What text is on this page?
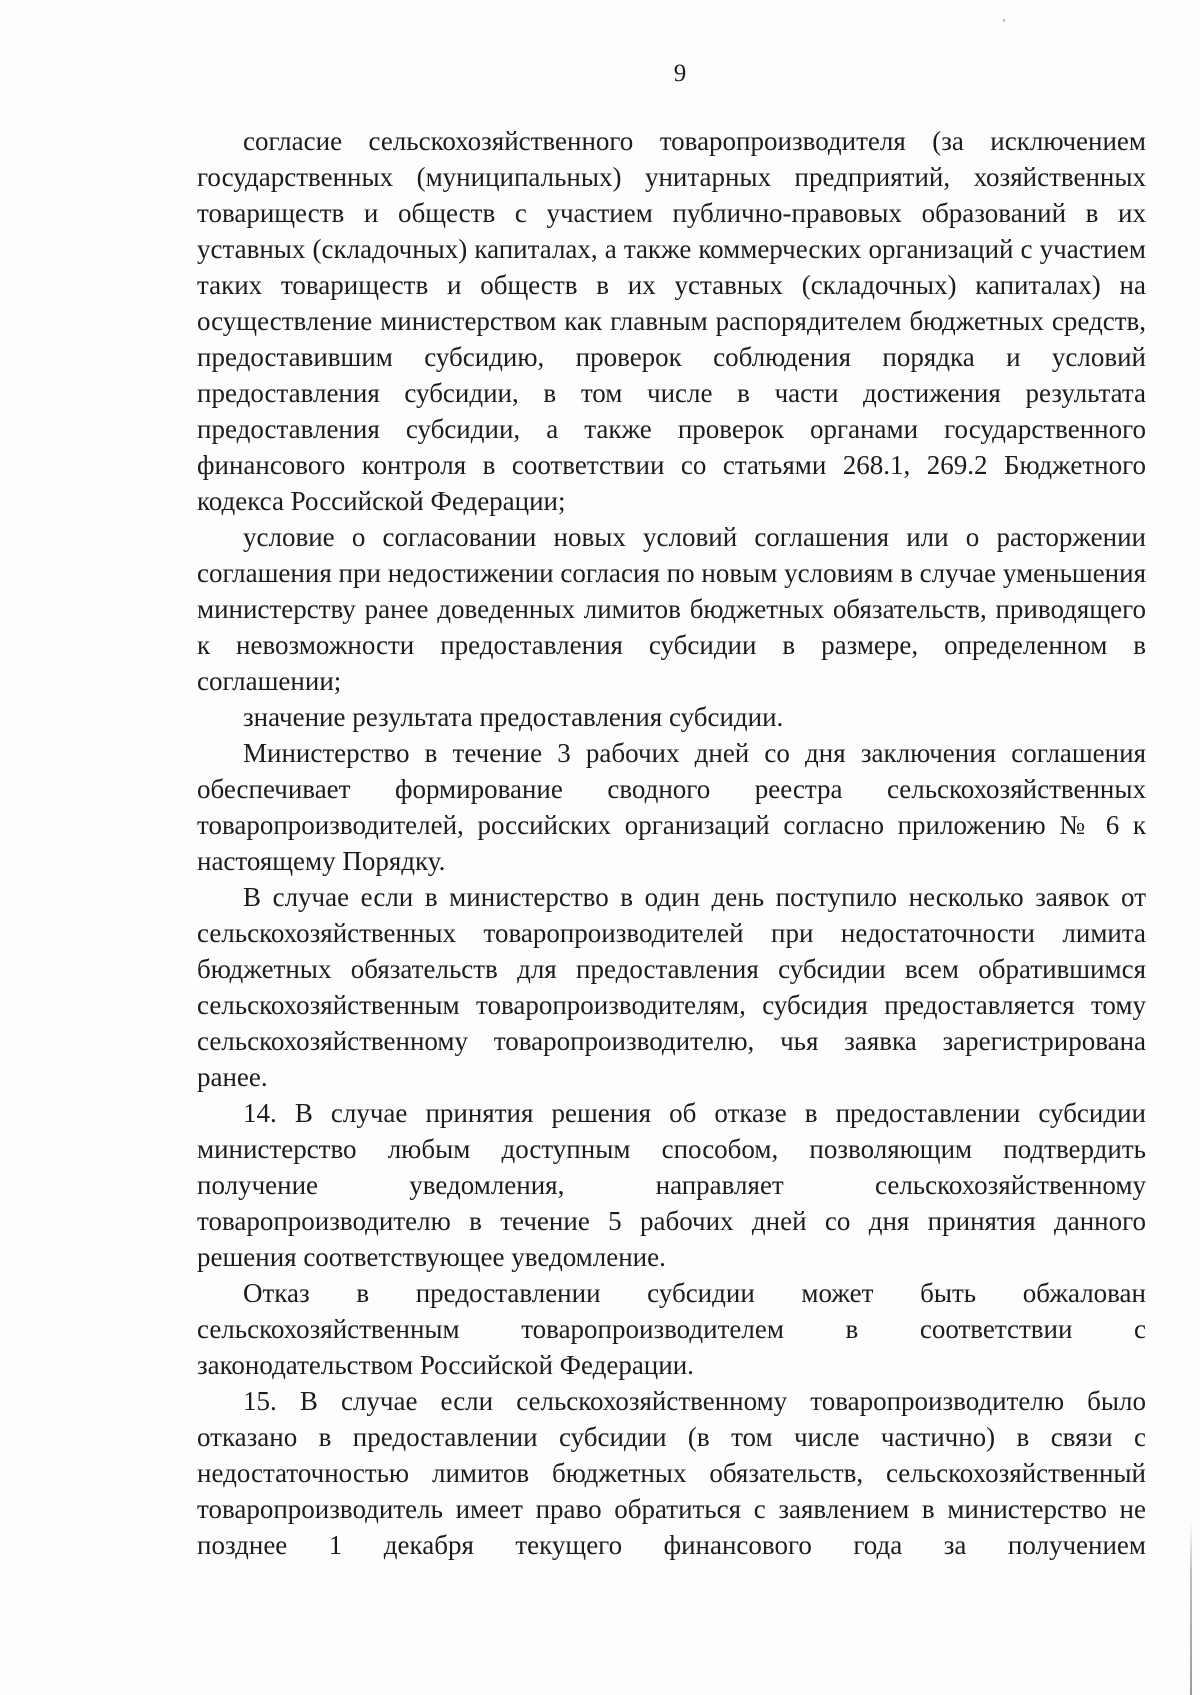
9

согласие сельскохозяйственного товаропроизводителя (за исключением государственных (муниципальных) унитарных предприятий, хозяйственных товариществ и обществ с участием публично-правовых образований в их уставных (складочных) капиталах, а также коммерческих организаций с участием таких товариществ и обществ в их уставных (складочных) капиталах) на осуществление министерством как главным распорядителем бюджетных средств, предоставившим субсидию, проверок соблюдения порядка и условий предоставления субсидии, в том числе в части достижения результата предоставления субсидии, а также проверок органами государственного финансового контроля в соответствии со статьями 268.1, 269.2 Бюджетного кодекса Российской Федерации;

условие о согласовании новых условий соглашения или о расторжении соглашения при недостижении согласия по новым условиям в случае уменьшения министерству ранее доведенных лимитов бюджетных обязательств, приводящего к невозможности предоставления субсидии в размере, определенном в соглашении;

значение результата предоставления субсидии.

Министерство в течение 3 рабочих дней со дня заключения соглашения обеспечивает формирование сводного реестра сельскохозяйственных товаропроизводителей, российских организаций согласно приложению № 6 к настоящему Порядку.

В случае если в министерство в один день поступило несколько заявок от сельскохозяйственных товаропроизводителей при недостаточности лимита бюджетных обязательств для предоставления субсидии всем обратившимся сельскохозяйственным товаропроизводителям, субсидия предоставляется тому сельскохозяйственному товаропроизводителю, чья заявка зарегистрирована ранее.

14. В случае принятия решения об отказе в предоставлении субсидии министерство любым доступным способом, позволяющим подтвердить получение уведомления, направляет сельскохозяйственному товаропроизводителю в течение 5 рабочих дней со дня принятия данного решения соответствующее уведомление.

Отказ в предоставлении субсидии может быть обжалован сельскохозяйственным товаропроизводителем в соответствии с законодательством Российской Федерации.

15. В случае если сельскохозяйственному товаропроизводителю было отказано в предоставлении субсидии (в том числе частично) в связи с недостаточностью лимитов бюджетных обязательств, сельскохозяйственный товаропроизводитель имеет право обратиться с заявлением в министерство не позднее 1 декабря текущего финансового года за получением
